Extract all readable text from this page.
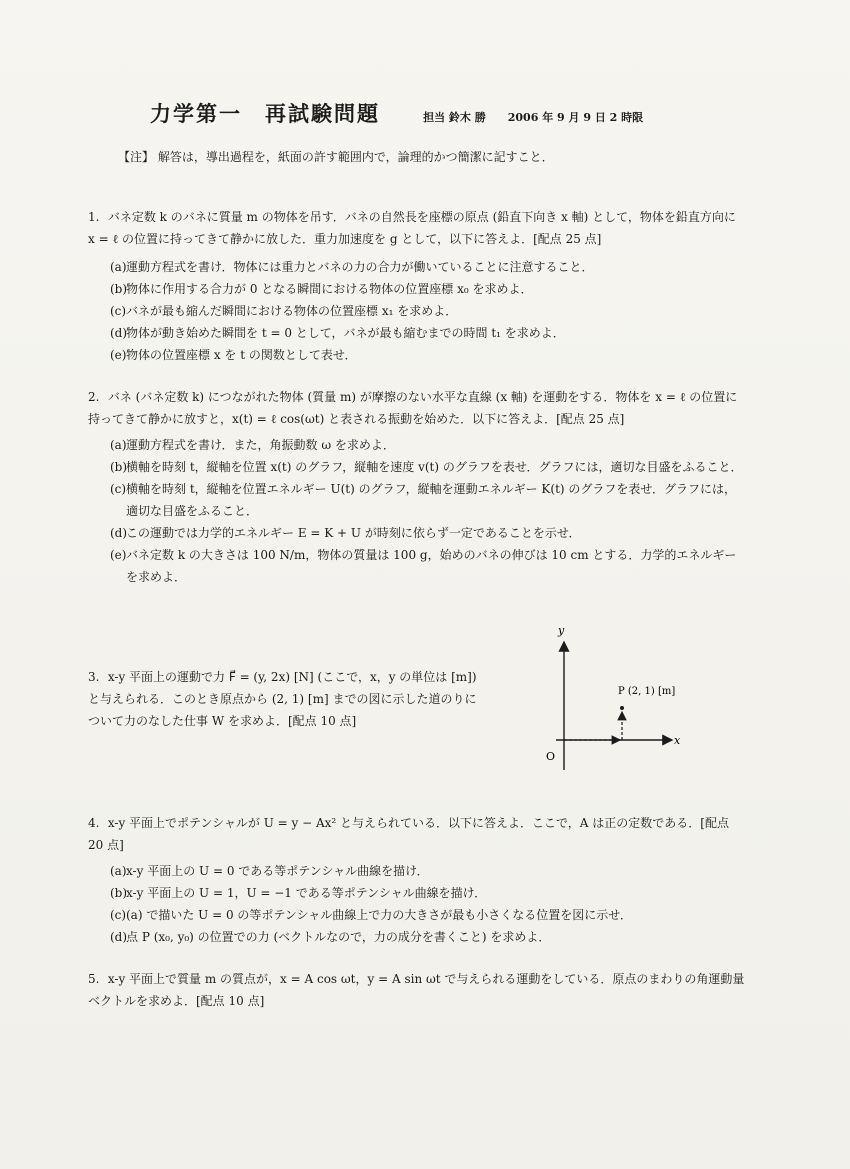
力学第一　再試験問題	担当 鈴木 勝　　2006 年 9 月 9 日 2 時限
【注】 解答は，導出過程を，紙面の許す範囲内で，論理的かつ簡潔に記すこと．
1. バネ定数 k のバネに質量 m の物体を吊す．バネの自然長を座標の原点 (鉛直下向き x 軸) として，物体を鉛直方向に x = ℓ の位置に持ってきて静かに放した．重力加速度を g として，以下に答えよ．[配点 25 点]
(a) 運動方程式を書け．物体には重力とバネの力の合力が働いていることに注意すること．
(b)
物体に作用する合力が 0 となる瞬間における物体の位置座標 x₀ を求めよ．
(c) バネが最も縮んだ瞬間における物体の位置座標 x₁ を求めよ．
(d)
物体が動き始めた瞬間を t = 0 として，バネが最も縮むまでの時間 t₁ を求めよ．
(e) 物体の位置座標 x を t の関数として表せ．
2. バネ (バネ定数 k) につながれた物体 (質量 m) が摩擦のない水平な直線 (x 軸) を運動をする．物体を x = ℓ の位置に持ってきて静かに放すと，x(t) = ℓ cos(ωt) と表される振動を始めた．以下に答えよ．[配点 25 点]
(a) 運動方程式を書け．また，角振動数 ω を求めよ．
(b)
横軸を時刻 t，縦軸を位置 x(t) のグラフ，縦軸を速度 v(t) のグラフを表せ．グラフには，適切な目盛をふること．
(c) 横軸を時刻 t，縦軸を位置エネルギー U(t) のグラフ，縦軸を運動エネルギー K(t) のグラフを表せ．グラフには，適切な目盛をふること．
(d)
この運動では力学的エネルギー E = K + U が時刻に依らず一定であることを示せ．
(e) バネ定数 k の大きさは 100 N/m，物体の質量は 100 g，始めのバネの伸びは 10 cm とする．力学的エネルギーを求めよ．
3. x-y 平面上の運動で力 F⃗ = (y, 2x) [N] (ここで，x，y の単位は [m]) と与えられる．このとき原点から (2, 1) [m] までの図に示した道のりについて力のなした仕事 W を求めよ．[配点 10 点]
y
x
O
P (2, 1) [m]
4. x-y 平面上でポテンシャルが U = y − Ax² と与えられている．以下に答えよ．ここで，A は正の定数である．[配点 20 点]
(a) x-y 平面上の U = 0 である等ポテンシャル曲線を描け．
(b)
x-y 平面上の U = 1，U = −1 である等ポテンシャル曲線を描け．
(c) (a) で描いた U = 0 の等ポテンシャル曲線上で力の大きさが最も小さくなる位置を図に示せ．
(d)
点 P (x₀, y₀) の位置での力 (ベクトルなので，力の成分を書くこと) を求めよ．
5. x-y 平面上で質量 m の質点が，x = A cos ωt，y = A sin ωt で与えられる運動をしている．原点のまわりの角運動量ベクトルを求めよ．[配点 10 点]
